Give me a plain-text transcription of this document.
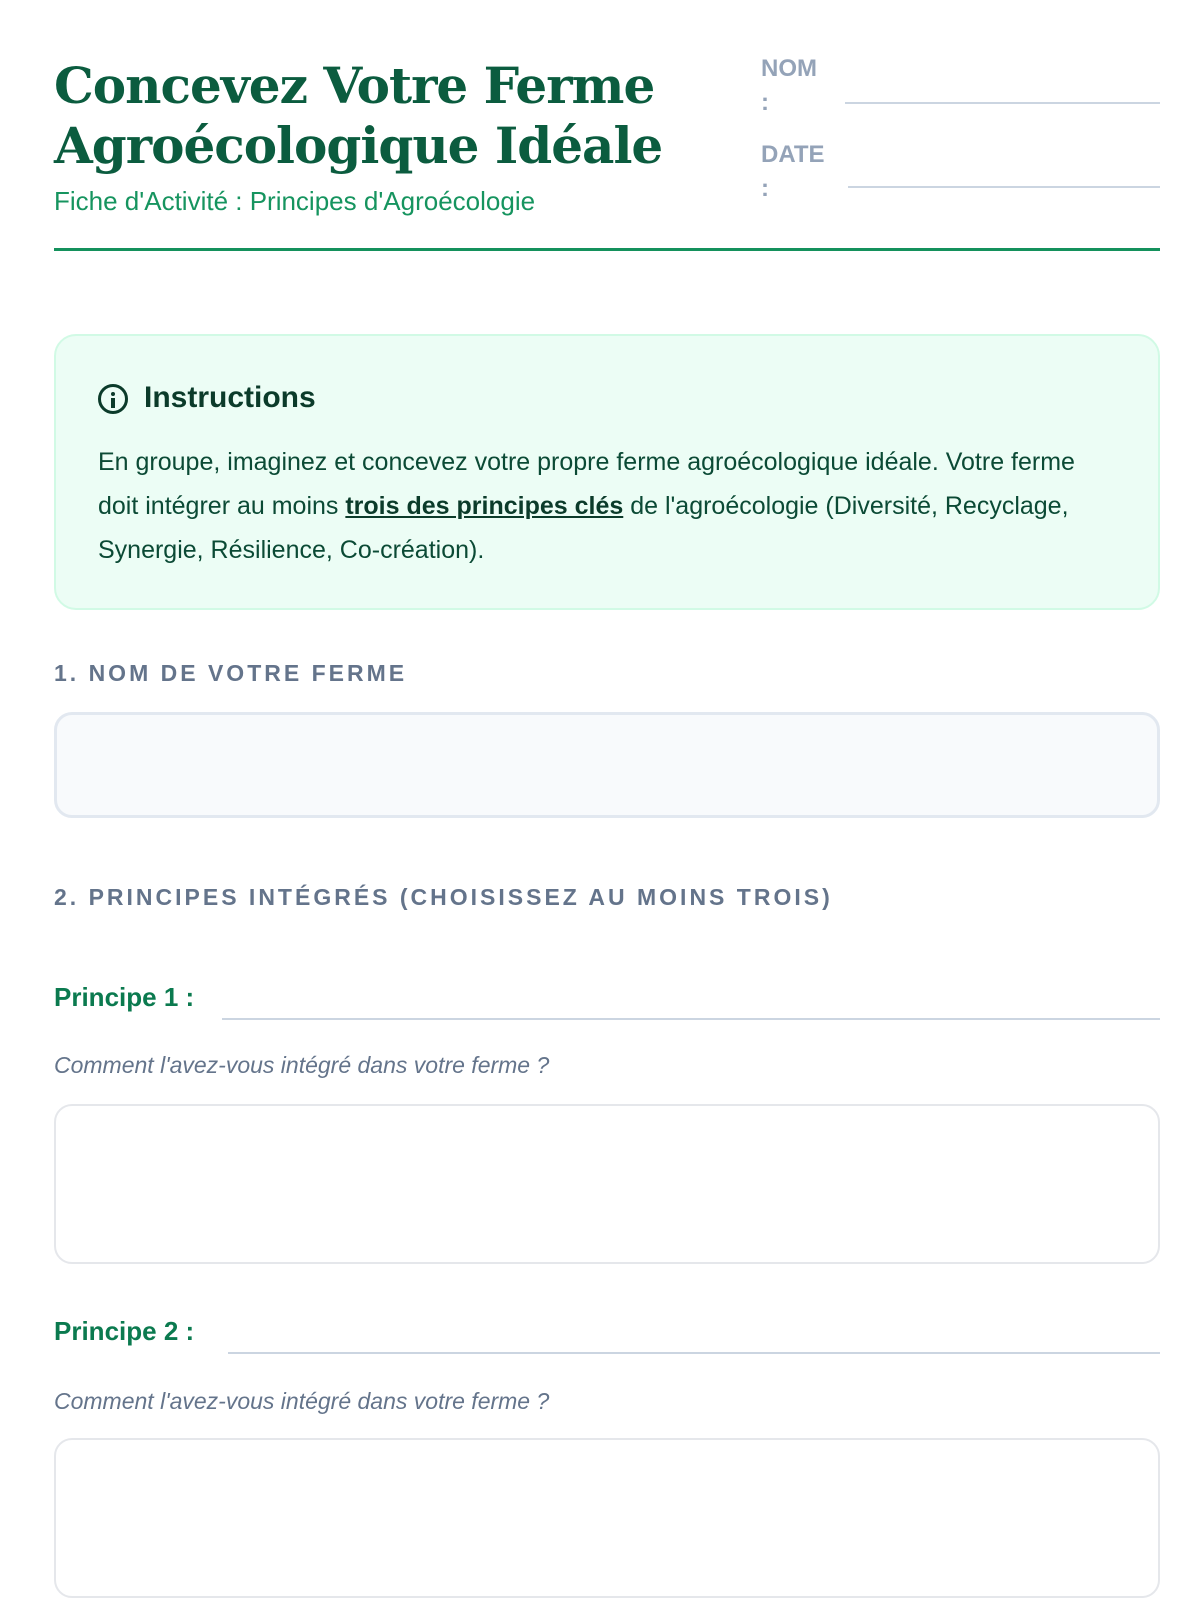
Concevez Votre Ferme
Agroécologique Idéale
Fiche d'Activité : Principes d'Agroécologie
NOM
:
DATE
:
Instructions
En groupe, imaginez et concevez votre propre ferme agroécologique idéale. Votre ferme doit intégrer au moins trois des principes clés de l'agroécologie (Diversité, Recyclage, Synergie, Résilience, Co-création).
1. NOM DE VOTRE FERME
2. PRINCIPES INTÉGRÉS (CHOISISSEZ AU MOINS TROIS)
Principe 1 :
Comment l'avez-vous intégré dans votre ferme ?
Principe 2 :
Comment l'avez-vous intégré dans votre ferme ?
